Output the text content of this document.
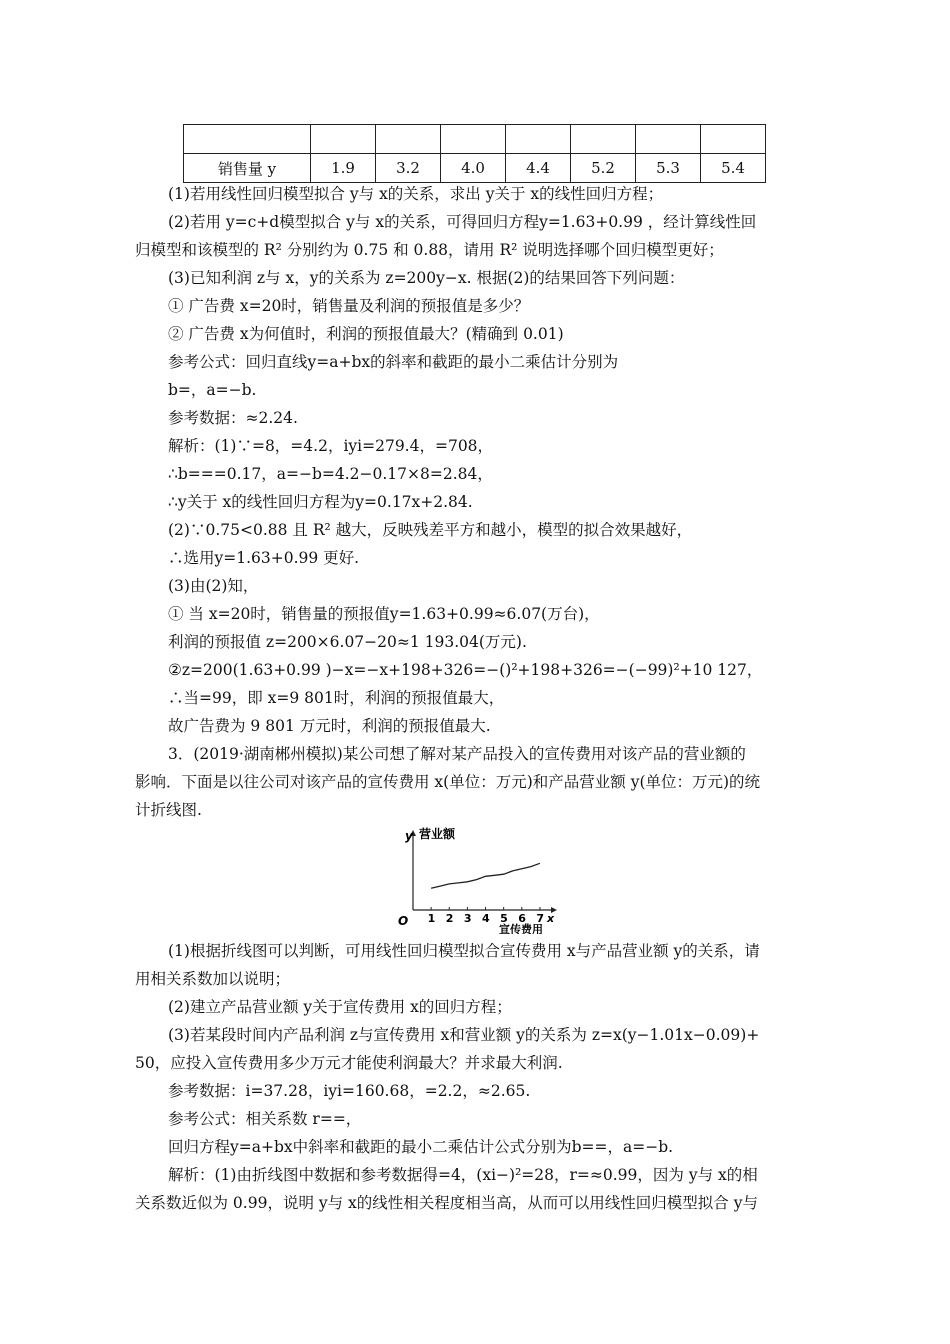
销售量 y	1.9	3.2	4.0	4.4	5.2	5.3	5.4
(1)若用线性回归模型拟合 y与 x的关系，求出 y关于 x的线性回归方程；
(2)若用 y=c+d模型拟合 y与 x的关系，可得回归方程y=1.63+0.99 ，经计算线性回
归模型和该模型的 R² 分别约为 0.75 和 0.88，请用 R² 说明选择哪个回归模型更好；
(3)已知利润 z与 x，y的关系为 z=200y−x. 根据(2)的结果回答下列问题：
① 广告费 x=20时，销售量及利润的预报值是多少？
② 广告费 x为何值时，利润的预报值最大？(精确到 0.01)
参考公式：回归直线y=a+bx的斜率和截距的最小二乘估计分别为
b=，a=−b.
参考数据：≈2.24.
解析：(1)∵=8，=4.2，iyi=279.4，=708，
∴b===0.17，a=−b=4.2−0.17×8=2.84，
∴y关于 x的线性回归方程为y=0.17x+2.84.
(2)∵0.75<0.88 且 R² 越大，反映残差平方和越小，模型的拟合效果越好，
∴选用y=1.63+0.99 更好.
(3)由(2)知，
① 当 x=20时，销售量的预报值y=1.63+0.99≈6.07(万台)，
利润的预报值 z=200×6.07−20≈1 193.04(万元).
②z=200(1.63+0.99 )−x=−x+198+326=−()²+198+326=−(−99)²+10 127，
∴当=99，即 x=9 801时，利润的预报值最大，
故广告费为 9 801 万元时，利润的预报值最大.
3．(2019·湖南郴州模拟)某公司想了解对某产品投入的宣传费用对该产品的营业额的
影响．下面是以往公司对该产品的宣传费用 x(单位：万元)和产品营业额 y(单位：万元)的统
计折线图.
y 营业额
O	x
宣传费用
1 2 3 4 5 6 7
(1)根据折线图可以判断，可用线性回归模型拟合宣传费用 x与产品营业额 y的关系，请
用相关系数加以说明；
(2)建立产品营业额 y关于宣传费用 x的回归方程；
(3)若某段时间内产品利润 z与宣传费用 x和营业额 y的关系为 z=x(y−1.01x−0.09)+
50，应投入宣传费用多少万元才能使利润最大？并求最大利润.
参考数据：i=37.28，iyi=160.68，=2.2，≈2.65.
参考公式：相关系数 r==，
回归方程y=a+bx中斜率和截距的最小二乘估计公式分别为b==，a=−b.
解析：(1)由折线图中数据和参考数据得=4，(xi−)²=28，r=≈0.99，因为 y与 x的相
关系数近似为 0.99，说明 y与 x的线性相关程度相当高，从而可以用线性回归模型拟合 y与
